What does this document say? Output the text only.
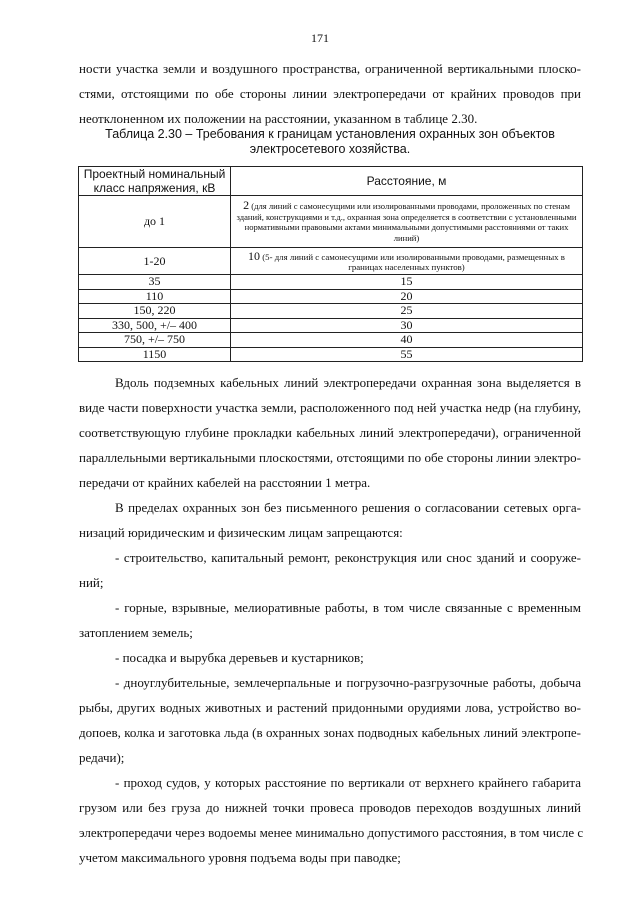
171
ности участка земли и воздушного пространства, ограниченной вертикальными плоско-
стями, отстоящими по обе стороны линии электропередачи от крайних проводов при
неотклоненном их положении на расстоянии, указанном в таблице 2.30.
Таблица 2.30 – Требования к границам установления охранных зон объектов
электросетевого хозяйства.
Проектный номинальный класс напряжения, кВ	Расстояние, м
до 1	2 (для линий с самонесущими или изолированными проводами, проложенных по стенам зданий, конструкциями и т.д., охранная зона определяется в соответствии с установленными нормативными правовыми актами минимальными допустимыми расстояниями от таких линий)
1-20	10 (5- для линий с самонесущими или изолированными проводами, размещенных в границах населенных пунктов)
35	15
110	20
150, 220	25
330, 500, +/– 400	30
750, +/– 750	40
1150	55
Вдоль подземных кабельных линий электропередачи охранная зона выделяется в
виде части поверхности участка земли, расположенного под ней участка недр (на глубину,
соответствующую глубине прокладки кабельных линий электропередачи), ограниченной
параллельными вертикальными плоскостями, отстоящими по обе стороны линии электро-
передачи от крайних кабелей на расстоянии 1 метра.
В пределах охранных зон без письменного решения о согласовании сетевых орга-
низаций юридическим и физическим лицам запрещаются:
- строительство, капитальный ремонт, реконструкция или снос зданий и сооруже-
ний;
- горные, взрывные, мелиоративные работы, в том числе связанные с временным
затоплением земель;
- посадка и вырубка деревьев и кустарников;
- дноуглубительные, землечерпальные и погрузочно-разгрузочные работы, добыча
рыбы, других водных животных и растений придонными орудиями лова, устройство во-
допоев, колка и заготовка льда (в охранных зонах подводных кабельных линий электропе-
редачи);
- проход судов, у которых расстояние по вертикали от верхнего крайнего габарита
грузом или без груза до нижней точки провеса проводов переходов воздушных линий
электропередачи через водоемы менее минимально допустимого расстояния, в том числе с
учетом максимального уровня подъема воды при паводке;
